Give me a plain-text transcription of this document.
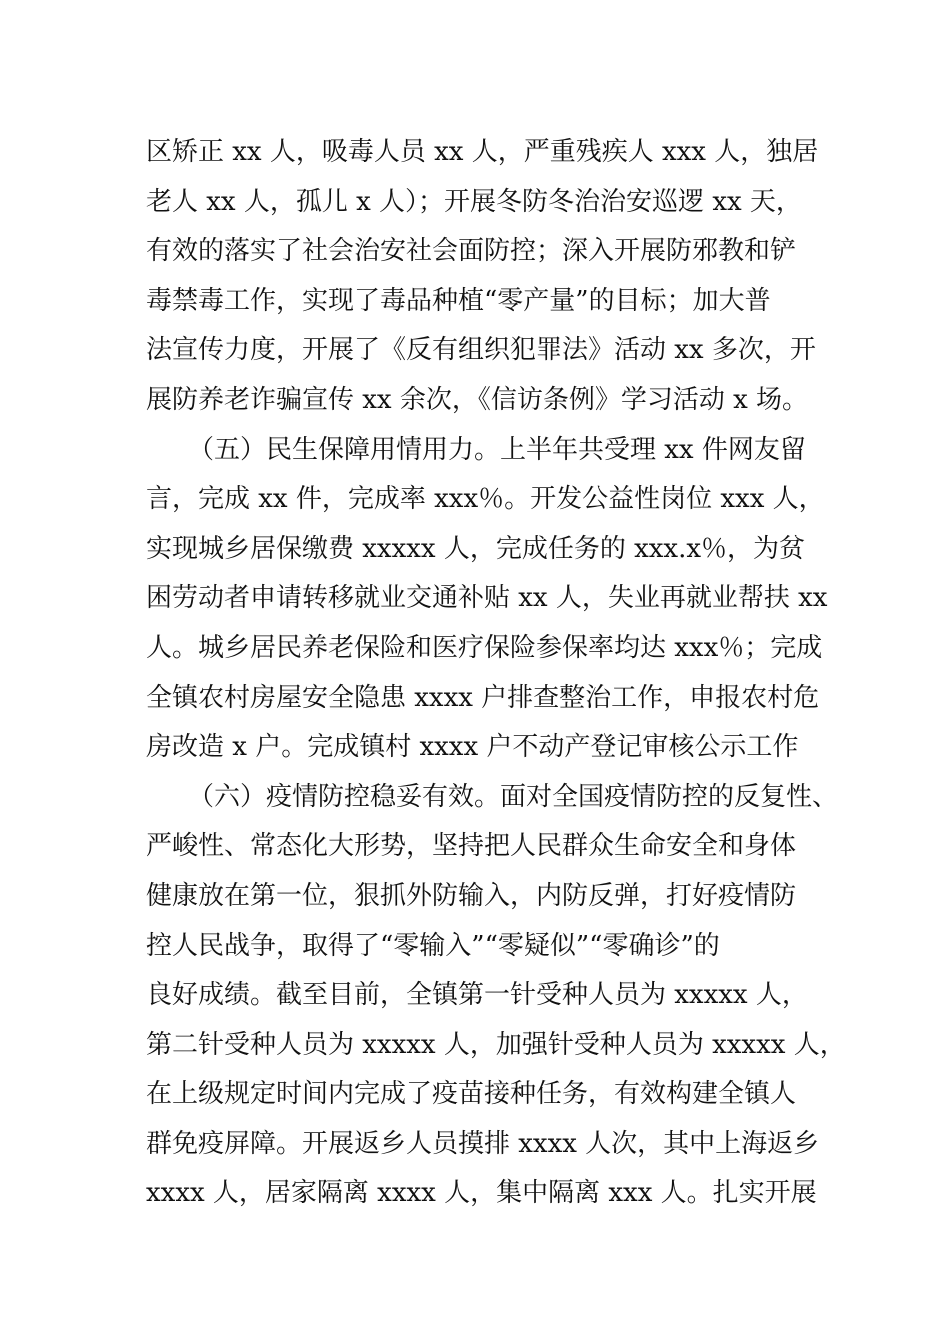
区矫正 xx 人，吸毒人员 xx 人，严重残疾人 xxx 人，独居
老人 xx 人，孤儿 x 人）；开展冬防冬治治安巡逻 xx 天，
有效的落实了社会治安社会面防控；深入开展防邪教和铲
毒禁毒工作，实现了毒品种植“零产量”的目标；加大普
法宣传力度，开展了《反有组织犯罪法》活动 xx 多次，开
展防养老诈骗宣传 xx 余次，《信访条例》学习活动 x 场。
（五）民生保障用情用力。上半年共受理 xx 件网友留
言，完成 xx 件，完成率 xxx％。开发公益性岗位 xxx 人，
实现城乡居保缴费 xxxxx 人，完成任务的 xxx.x％，为贫
困劳动者申请转移就业交通补贴 xx 人，失业再就业帮扶 xx
人。城乡居民养老保险和医疗保险参保率均达 xxx％；完成
全镇农村房屋安全隐患 xxxx 户排查整治工作，申报农村危
房改造 x 户。完成镇村 xxxx 户不动产登记审核公示工作
（六）疫情防控稳妥有效。面对全国疫情防控的反复性、
严峻性、常态化大形势，坚持把人民群众生命安全和身体
健康放在第一位，狠抓外防输入，内防反弹，打好疫情防
控人民战争，取得了“零输入”“零疑似”“零确诊”的
良好成绩。截至目前，全镇第一针受种人员为 xxxxx 人，
第二针受种人员为 xxxxx 人，加强针受种人员为 xxxxx 人，
在上级规定时间内完成了疫苗接种任务，有效构建全镇人
群免疫屏障。开展返乡人员摸排 xxxx 人次，其中上海返乡
xxxx 人，居家隔离 xxxx 人，集中隔离 xxx 人。扎实开展
